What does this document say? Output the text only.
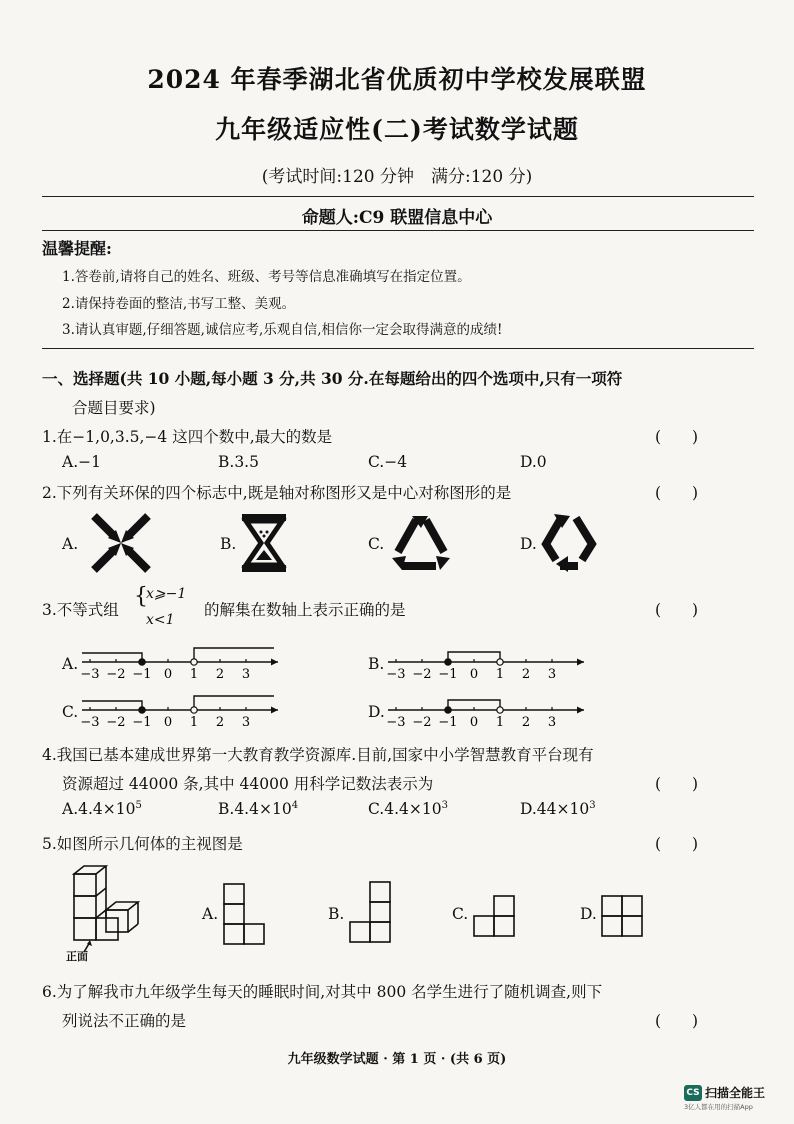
2024 年春季湖北省优质初中学校发展联盟
九年级适应性(二)考试数学试题
(考试时间:120 分钟　满分:120 分)
命题人:C9 联盟信息中心
温馨提醒:
1.答卷前,请将自己的姓名、班级、考号等信息准确填写在指定位置。
2.请保持卷面的整洁,书写工整、美观。
3.请认真审题,仔细答题,诚信应考,乐观自信,相信你一定会取得满意的成绩!
一、选择题(共 10 小题,每小题 3 分,共 30 分.在每题给出的四个选项中,只有一项符
合题目要求)
1.在−1,0,3.5,−4 这四个数中,最大的数是	(　　)
A.−1	B.3.5	C.−4	D.0
2.下列有关环保的四个标志中,既是轴对称图形又是中心对称图形的是	(　　)
A.	B.	C.	D.
3.不等式组
{
x⩾−1
x<1
的解集在数轴上表示正确的是	(　　)
A.
−3 −2 −1 0 1 2 3
B.
−3 −2 −1 0 1 2 3
C.
−3 −2 −1 0 1 2 3
D.
−3 −2 −1 0 1 2 3
4.我国已基本建成世界第一大教育教学资源库.目前,国家中小学智慧教育平台现有
资源超过 44000 条,其中 44000 用科学记数法表示为	(　　)
$A.4.4\times 10^5$	$B.4.4\times 10^4$	$C.4.4\times 10^3$	$D.44\times 10^3$
5.如图所示几何体的主视图是	(　　)
正面
A.	B.	C.	D.
6.为了解我市九年级学生每天的睡眠时间,对其中 800 名学生进行了随机调查,则下
列说法不正确的是	(　　)
九年级数学试题 · 第 1 页 · (共 6 页)
CS 扫描全能王
3亿人都在用的扫描App
